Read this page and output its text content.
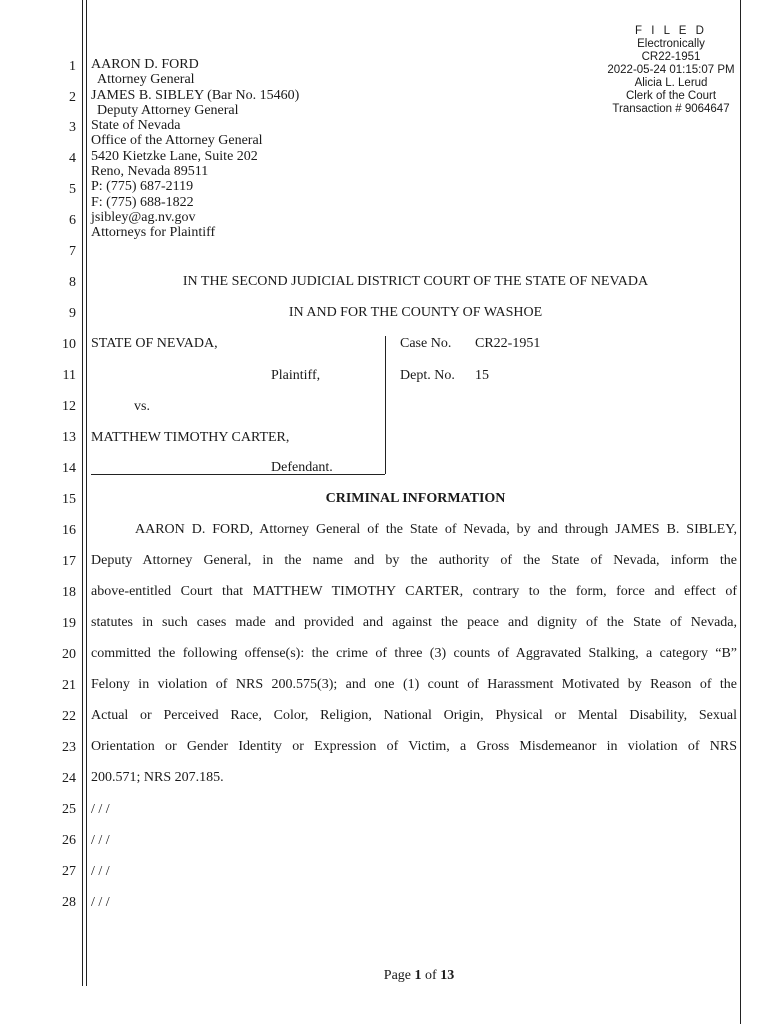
1
2
3
4
5
6
7
8
9
10
11
12
13
14
15
16
17
18
19
20
21
22
23
24
25
26
27
28
F I L E D
Electronically
CR22-1951
2022-05-24 01:15:07 PM
Alicia L. Lerud
Clerk of the Court
Transaction # 9064647
AARON D. FORD
Attorney General
JAMES B. SIBLEY (Bar No. 15460)
Deputy Attorney General
State of Nevada
Office of the Attorney General
5420 Kietzke Lane, Suite 202
Reno, Nevada 89511
P: (775) 687-2119
F: (775) 688-1822
jsibley@ag.nv.gov
Attorneys for Plaintiff
IN THE SECOND JUDICIAL DISTRICT COURT OF THE STATE OF NEVADA
IN AND FOR THE COUNTY OF WASHOE
STATE OF NEVADA,
Plaintiff,
vs.
MATTHEW TIMOTHY CARTER,
Defendant.
Case No. CR22-1951
Dept. No. 15
CRIMINAL INFORMATION
AARON D. FORD, Attorney General of the State of Nevada, by and through JAMES B. SIBLEY,
Deputy Attorney General, in the name and by the authority of the State of Nevada, inform the
above-entitled Court that MATTHEW TIMOTHY CARTER, contrary to the form, force and effect of
statutes in such cases made and provided and against the peace and dignity of the State of Nevada,
committed the following offense(s): the crime of three (3) counts of Aggravated Stalking, a category “B”
Felony in violation of NRS 200.575(3); and one (1) count of Harassment Motivated by Reason of the
Actual or Perceived Race, Color, Religion, National Origin, Physical or Mental Disability, Sexual
Orientation or Gender Identity or Expression of Victim, a Gross Misdemeanor in violation of NRS
200.571; NRS 207.185.
/ / /
/ / /
/ / /
/ / /
Page 1 of 13
